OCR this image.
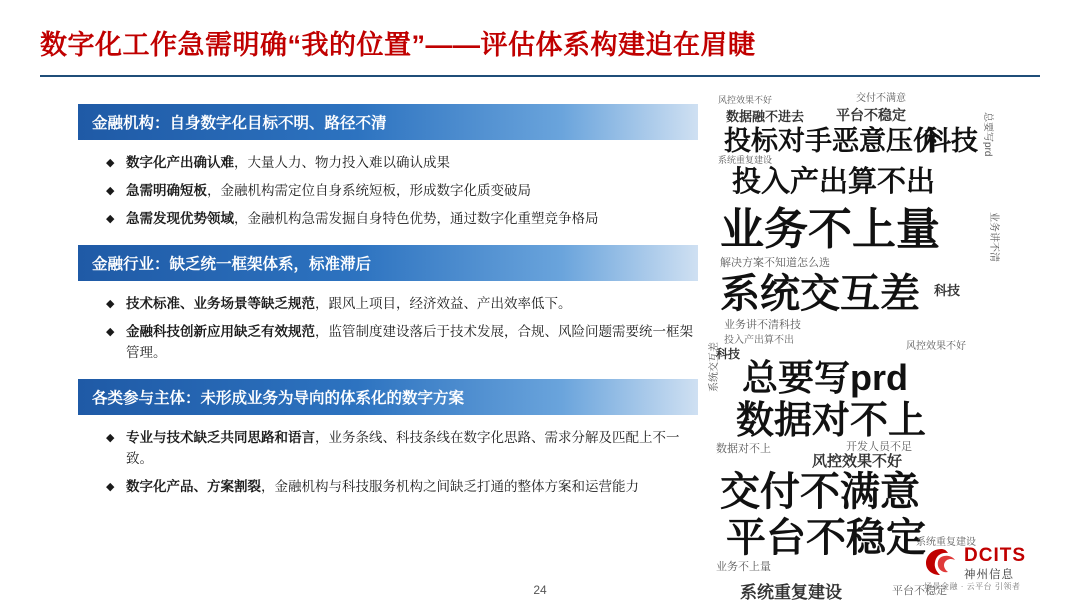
数字化工作急需明确“我的位置”——评估体系构建迫在眉睫
金融机构：自身数字化目标不明、路径不清
◆ 数字化产出确认难，大量人力、物力投入难以确认成果
◆ 急需明确短板，金融机构需定位自身系统短板，形成数字化质变破局
◆ 急需发现优势领域，金融机构急需发掘自身特色优势，通过数字化重塑竞争格局
金融行业：缺乏统一框架体系，标准滞后
◆ 技术标准、业务场景等缺乏规范，跟风上项目，经济效益、产出效率低下。
◆ 金融科技创新应用缺乏有效规范，监管制度建设落后于技术发展，合规、风险问题需要统一框架管理。
各类参与主体：未形成业务为导向的体系化的数字方案
◆ 专业与技术缺乏共同思路和语言，业务条线、科技条线在数字化思路、需求分解及匹配上不一致。
◆ 数字化产品、方案割裂，金融机构与科技服务机构之间缺乏打通的整体方案和运营能力
风控效果不好	交付不满意
数据融不进去 平台不稳定
投标对手恶意压价
科技
系统重复建设
投入产出算不出
业务不上量
解决方案不知道怎么选
系统交互差 科技
业务讲不清科技
投入产出算不出
科技
总要写prd
数据对不上
数据对不上	开发人员不足
风控效果不好
交付不满意
平台不稳定
业务不上量
系统重复建设	平台不稳定
总要写prd
业务讲不清
系统交互差	风控效果不好
系统重复建设
24
DCITS
神州信息
场景金融 · 云平台 引领者
